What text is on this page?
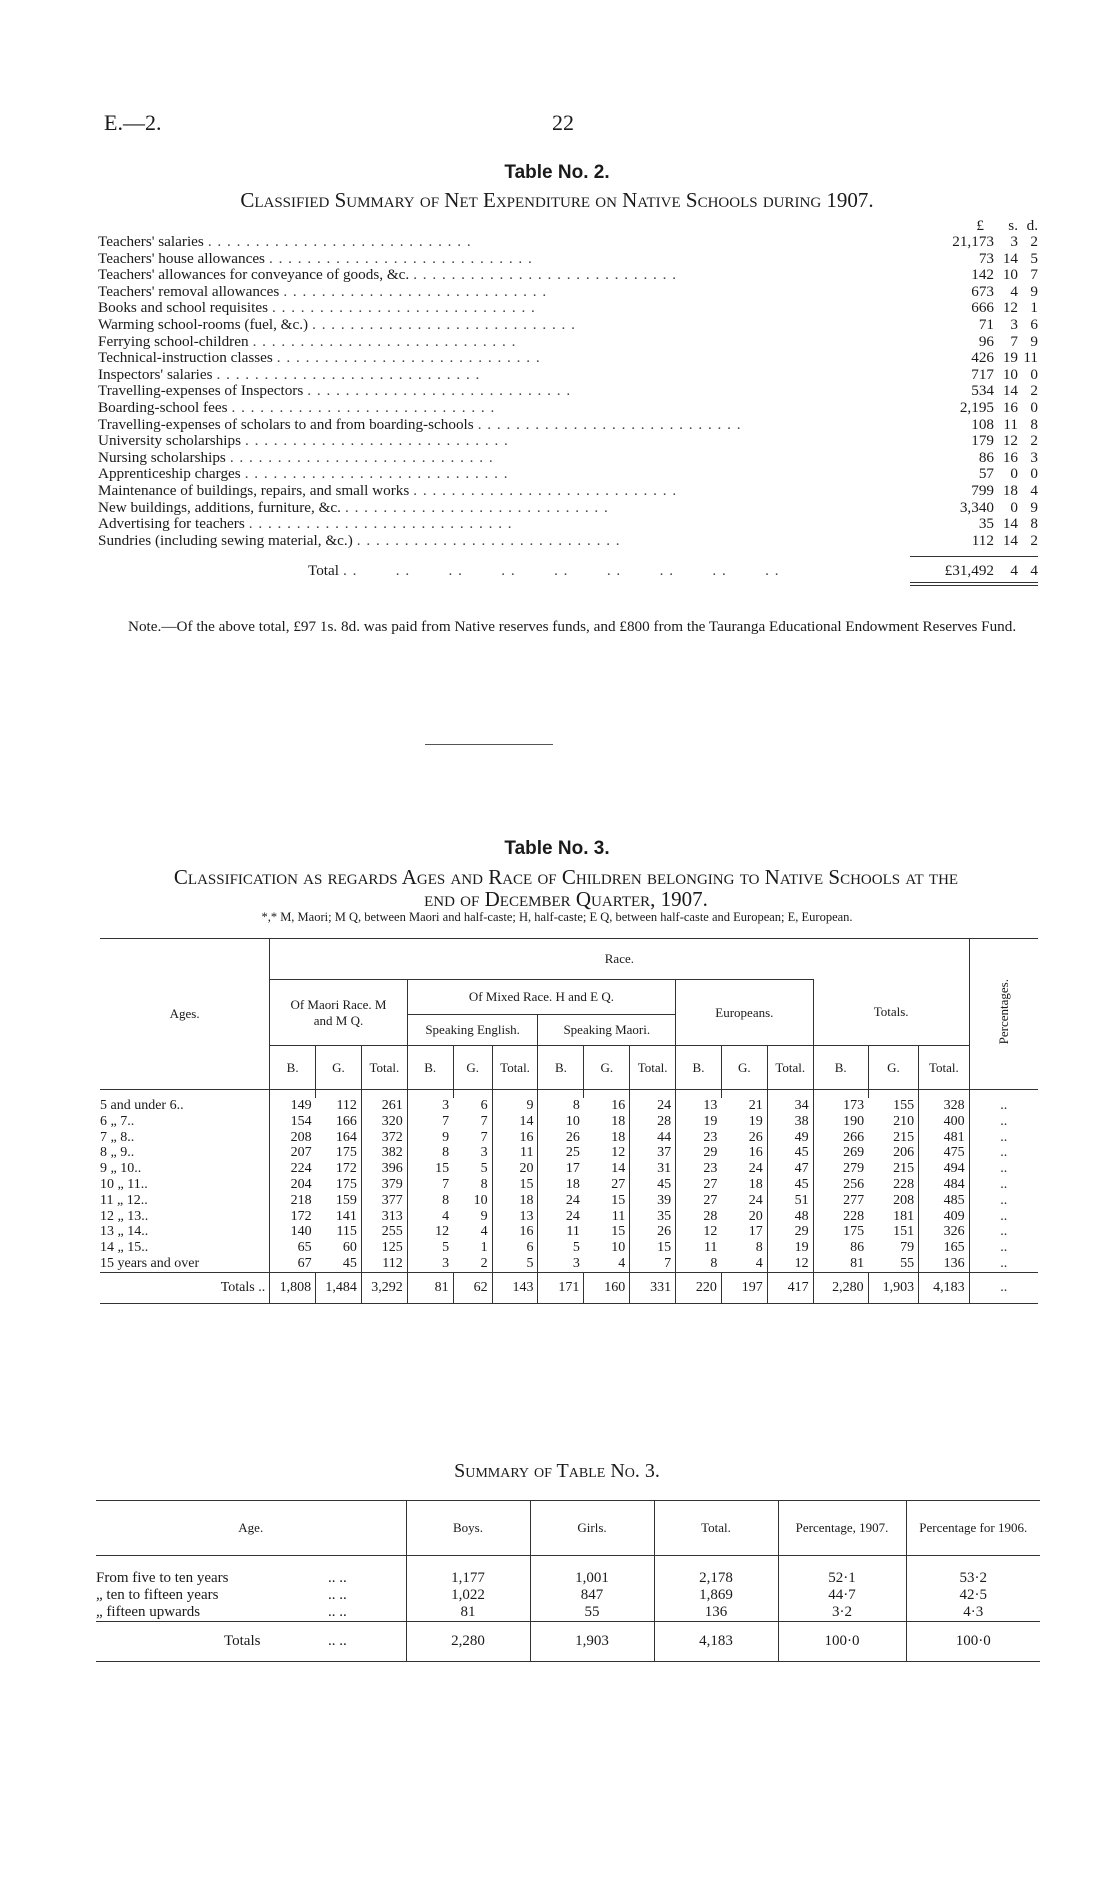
E.—2.	22
Table No. 2.
Classified Summary of Net Expenditure on Native Schools during 1907.
£	s. d.
Teachers' salaries . . . . . . . . . . . . . . . . . . . . . . . . . . . .	21,173	3 2
Teachers' house allowances . . . . . . . . . . . . . . . . . . . . . . . . . . . .	73 14 5
Teachers' allowances for conveyance of goods, &c. . . . . . . . . . . . . . . . . . . . . . . . . . . . .	142 10 7
Teachers' removal allowances . . . . . . . . . . . . . . . . . . . . . . . . . . . .	673	4 9
Books and school requisites . . . . . . . . . . . . . . . . . . . . . . . . . . . .	666 12 1
Warming school-rooms (fuel, &c.) . . . . . . . . . . . . . . . . . . . . . . . . . . . .	71	3 6
Ferrying school-children . . . . . . . . . . . . . . . . . . . . . . . . . . . .	96	7 9
Technical-instruction classes . . . . . . . . . . . . . . . . . . . . . . . . . . . .	426 19 11
Inspectors' salaries . . . . . . . . . . . . . . . . . . . . . . . . . . . .	717 10 0
Travelling-expenses of Inspectors . . . . . . . . . . . . . . . . . . . . . . . . . . . .	534 14 2
Boarding-school fees . . . . . . . . . . . . . . . . . . . . . . . . . . . .	2,195 16 0
Travelling-expenses of scholars to and from boarding-schools . . . . . . . . . . . . . . . . . . . . . . . . . . . .	108 11 8
University scholarships . . . . . . . . . . . . . . . . . . . . . . . . . . . .	179 12 2
Nursing scholarships . . . . . . . . . . . . . . . . . . . . . . . . . . . .	86 16 3
Apprenticeship charges . . . . . . . . . . . . . . . . . . . . . . . . . . . .	57	0 0
Maintenance of buildings, repairs, and small works . . . . . . . . . . . . . . . . . . . . . . . . . . . .	799 18 4
New buildings, additions, furniture, &c. . . . . . . . . . . . . . . . . . . . . . . . . . . . .	3,340	0 9
Advertising for teachers . . . . . . . . . . . . . . . . . . . . . . . . . . . .	35 14 8
Sundries (including sewing material, &c.) . . . . . . . . . . . . . . . . . . . . . . . . . . . .	112 14 2
Total . .        . .        . .        . .        . .        . .        . .        . .        . .	£31,492	4 4
Note.—Of the above total, £97 1s. 8d. was paid from Native reserves funds, and £800 from the Tauranga Educational Endowment Reserves Fund.
Table No. 3.
Classification as regards Ages and Race of Children belonging to Native Schools at the
end of December Quarter, 1907.
*,* M, Maori; M Q, between Maori and half-caste; H, half-caste; E Q, between half-caste and European; E, European.
Ages.	Race.															Percentages.
	Of Maori Race. M and M Q.			Of Mixed Race. H and E Q.						Europeans.			Totals.			
				Speaking English.			Speaking Maori.									
	B.	G.	Total.	B.	G.	Total.	B.	G.	Total.	B.	G.	Total.	B.	G.	Total.	

5 and under 6..	149	112	261	3	6	9	8	16	24	13	21	34	173	155	328	..
6 „ 7..	154	166	320	7	7	14	10	18	28	19	19	38	190	210	400	..
7 „ 8..	208	164	372	9	7	16	26	18	44	23	26	49	266	215	481	..
8 „ 9..	207	175	382	8	3	11	25	12	37	29	16	45	269	206	475	..
9 „ 10..	224	172	396	15	5	20	17	14	31	23	24	47	279	215	494	..
10 „ 11..	204	175	379	7	8	15	18	27	45	27	18	45	256	228	484	..
11 „ 12..	218	159	377	8	10	18	24	15	39	27	24	51	277	208	485	..
12 „ 13..	172	141	313	4	9	13	24	11	35	28	20	48	228	181	409	..
13 „ 14..	140	115	255	12	4	16	11	15	26	12	17	29	175	151	326	..
14 „ 15..	65	60	125	5	1	6	5	10	15	11	8	19	86	79	165	..
15 years and over	67	45	112	3	2	5	3	4	7	8	4	12	81	55	136	..
Totals ..	1,808	1,484	3,292	81	62	143	171	160	331	220	197	417	2,280	1,903	4,183	..
Summary of Table No. 3.
Age.	Boys.	Girls.	Total.	Percentage, 1907.	Percentage for 1906.

From five to ten years .. ..	1,177	1,001	2,178	52·1	53·2
„ ten to fifteen years .. ..	1,022	847	1,869	44·7	42·5
„ fifteen upwards .. ..	81	55	136	3·2	4·3
Totals .. ..	2,280	1,903	4,183	100·0	100·0
